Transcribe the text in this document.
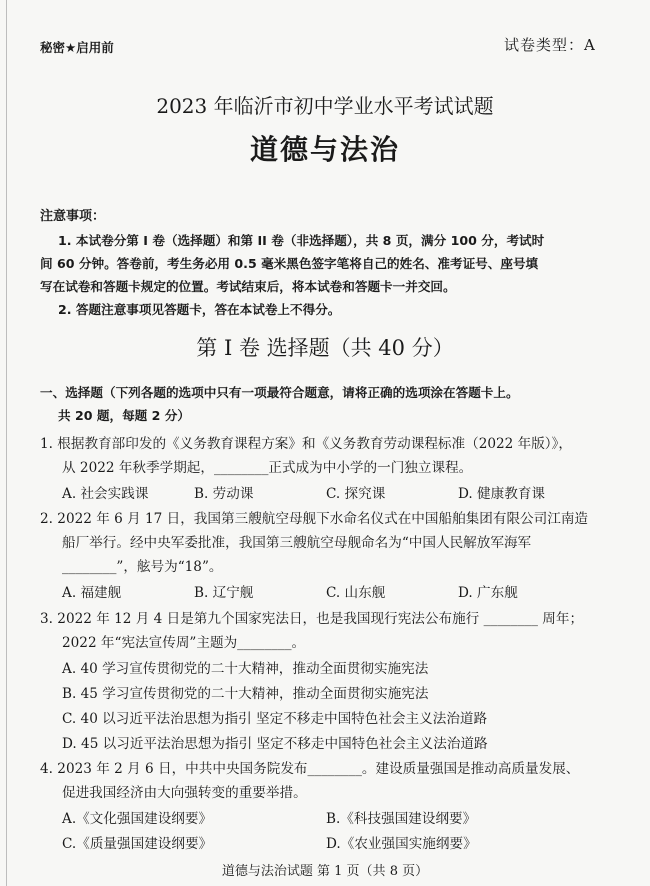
秘密★启用前	试卷类型：A
2023 年临沂市初中学业水平考试试题
道德与法治
注意事项：
1. 本试卷分第 I 卷（选择题）和第 II 卷（非选择题），共 8 页，满分 100 分，考试时
间 60 分钟。答卷前，考生务必用 0.5 毫米黑色签字笔将自己的姓名、准考证号、座号填
写在试卷和答题卡规定的位置。考试结束后，将本试卷和答题卡一并交回。
2. 答题注意事项见答题卡，答在本试卷上不得分。
第 I 卷 选择题（共 40 分）
一、选择题（下列各题的选项中只有一项最符合题意，请将正确的选项涂在答题卡上。
共 20 题，每题 2 分）
1. 根据教育部印发的《义务教育课程方案》和《义务教育劳动课程标准（2022 年版）》，
从 2022 年秋季学期起，________正式成为中小学的一门独立课程。
A. 社会实践课	B. 劳动课	C. 探究课	D. 健康教育课
2. 2022 年 6 月 17 日，我国第三艘航空母舰下水命名仪式在中国船舶集团有限公司江南造
船厂举行。经中央军委批准，我国第三艘航空母舰命名为“中国人民解放军海军
________”，舷号为“18”。
A. 福建舰	B. 辽宁舰	C. 山东舰	D. 广东舰
3. 2022 年 12 月 4 日是第九个国家宪法日，也是我国现行宪法公布施行 ________ 周年；
2022 年“宪法宣传周”主题为________。
A. 40 学习宣传贯彻党的二十大精神，推动全面贯彻实施宪法
B. 45 学习宣传贯彻党的二十大精神，推动全面贯彻实施宪法
C. 40 以习近平法治思想为指引 坚定不移走中国特色社会主义法治道路
D. 45 以习近平法治思想为指引 坚定不移走中国特色社会主义法治道路
4. 2023 年 2 月 6 日，中共中央国务院发布________。建设质量强国是推动高质量发展、
促进我国经济由大向强转变的重要举措。
A.《文化强国建设纲要》	B.《科技强国建设纲要》
C.《质量强国建设纲要》	D.《农业强国实施纲要》
道德与法治试题 第 1 页（共 8 页）
